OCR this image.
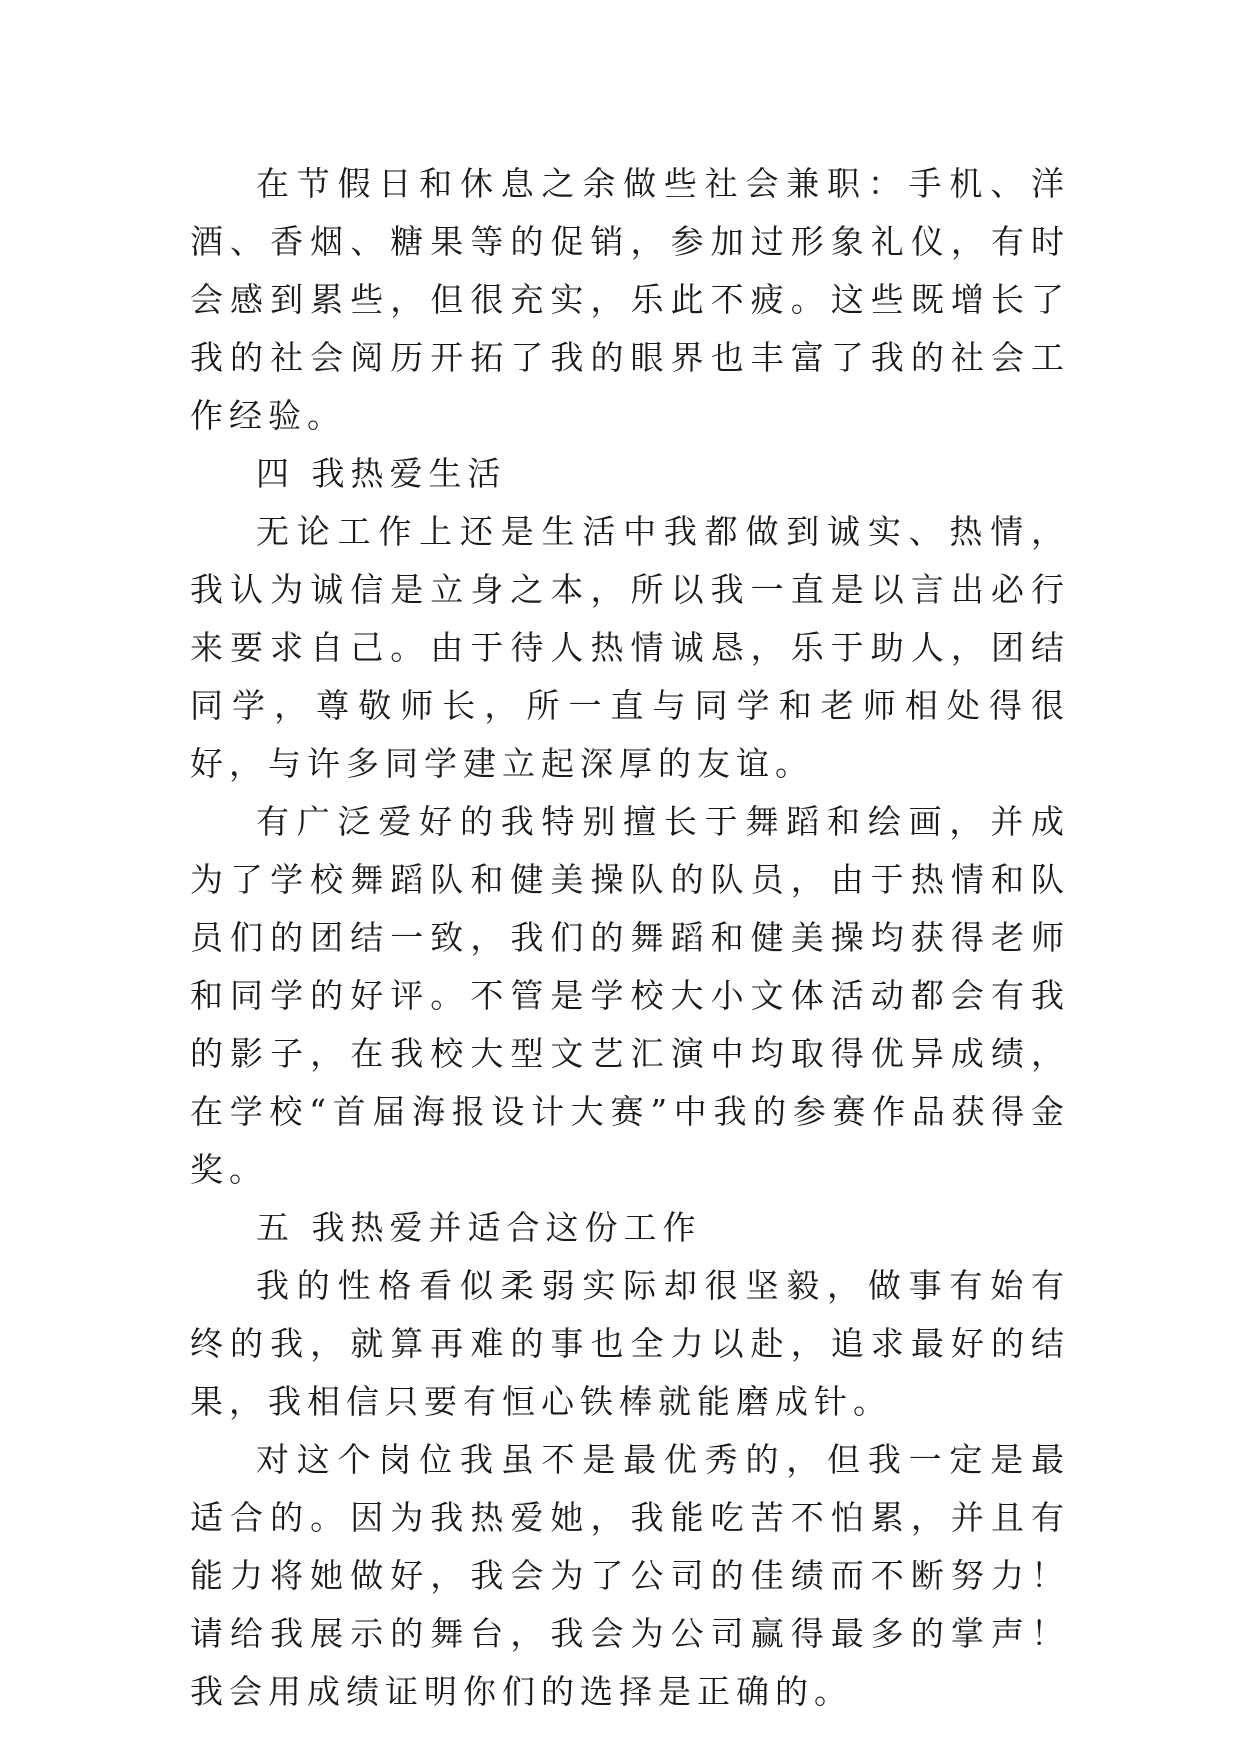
在节假日和休息之余做些社会兼职：手机、洋酒、香烟、糖果等的促销，参加过形象礼仪，有时会感到累些，但很充实，乐此不疲。这些既增长了我的社会阅历开拓了我的眼界也丰富了我的社会工作经验。

四 我热爱生活

无论工作上还是生活中我都做到诚实、热情，我认为诚信是立身之本，所以我一直是以言出必行来要求自己。由于待人热情诚恳，乐于助人，团结同学，尊敬师长，所一直与同学和老师相处得很好，与许多同学建立起深厚的友谊。

有广泛爱好的我特别擅长于舞蹈和绘画，并成为了学校舞蹈队和健美操队的队员，由于热情和队员们的团结一致，我们的舞蹈和健美操均获得老师和同学的好评。不管是学校大小文体活动都会有我的影子，在我校大型文艺汇演中均取得优异成绩，在学校“首届海报设计大赛”中我的参赛作品获得金奖。

五 我热爱并适合这份工作

我的性格看似柔弱实际却很坚毅，做事有始有终的我，就算再难的事也全力以赴，追求最好的结果，我相信只要有恒心铁棒就能磨成针。

对这个岗位我虽不是最优秀的，但我一定是最适合的。因为我热爱她，我能吃苦不怕累，并且有能力将她做好，我会为了公司的佳绩而不断努力！请给我展示的舞台，我会为公司赢得最多的掌声！我会用成绩证明你们的选择是正确的。
